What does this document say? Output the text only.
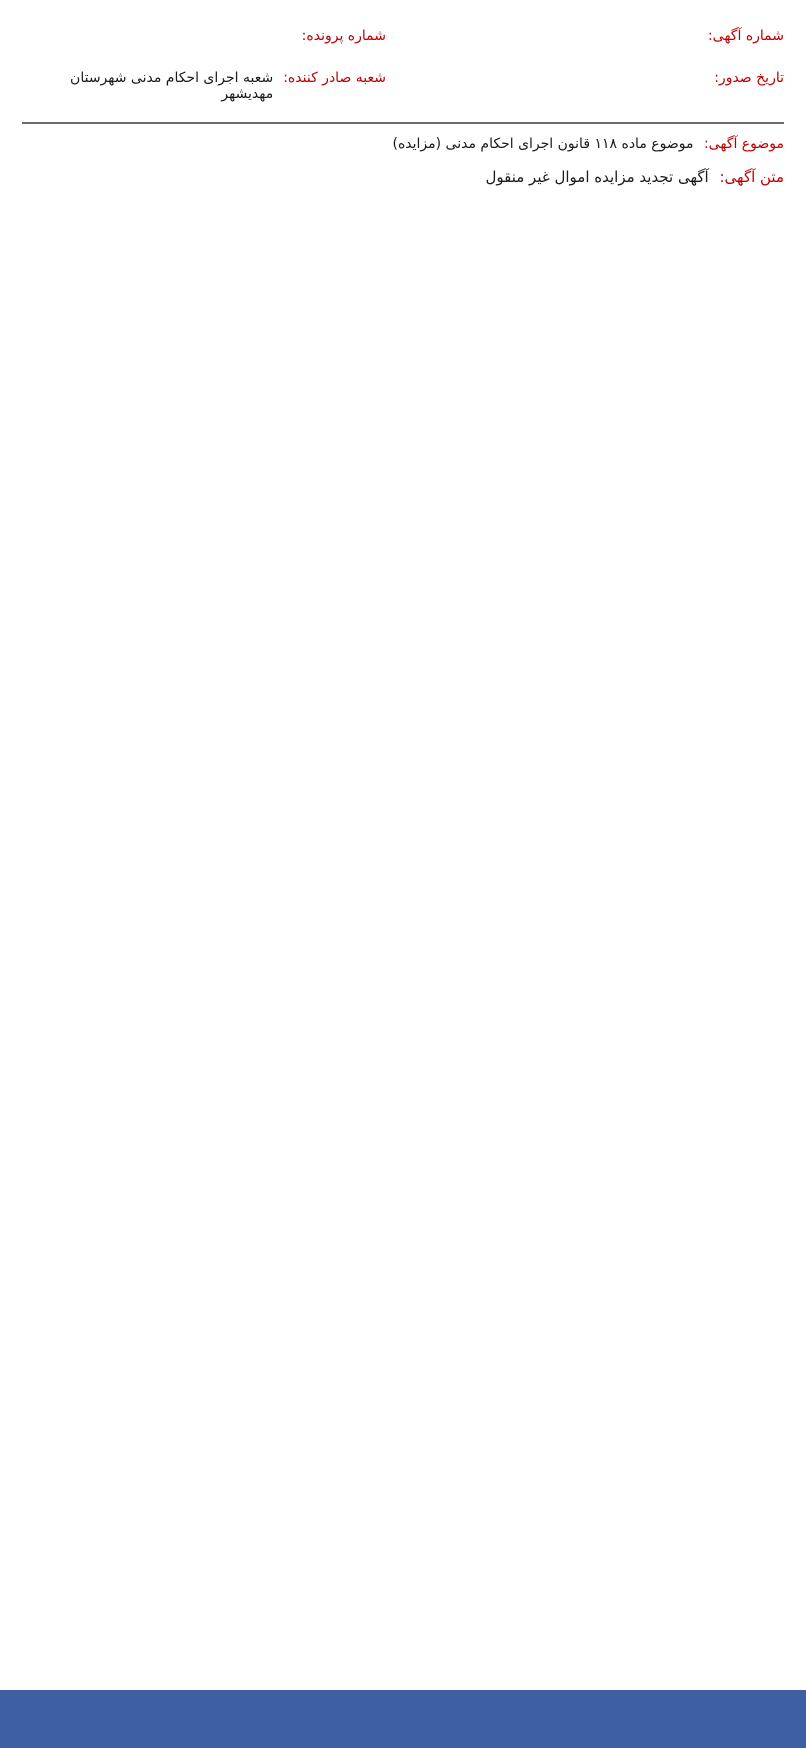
شماره آگهی:
شماره پرونده:
تاریخ صدور:
شعبه صادر کننده:
شعبه اجرای احکام مدنی شهرستان مهدیشهر
موضوع آگهی: موضوع ماده ۱۱۸ قانون اجرای احکام مدنی (مزایده)
متن آگهی: آگهی تجدید مزایده اموال غیر منقول
